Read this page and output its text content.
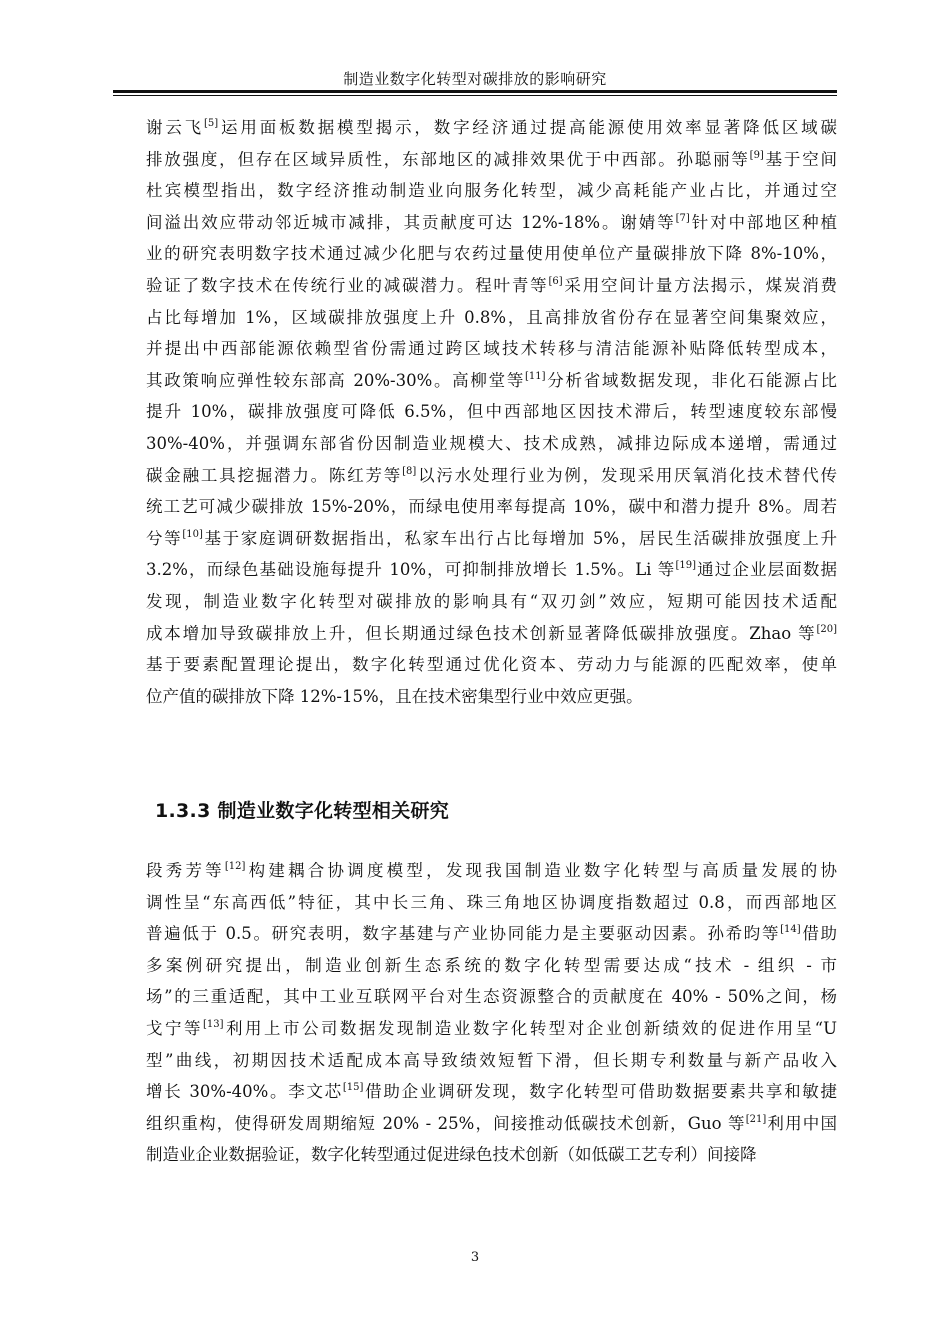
制造业数字化转型对碳排放的影响研究

谢云飞[5]运用面板数据模型揭示，数字经济通过提高能源使用效率显著降低区域碳
排放强度，但存在区域异质性，东部地区的减排效果优于中西部。孙聪丽等[9]基于空间
杜宾模型指出，数字经济推动制造业向服务化转型，减少高耗能产业占比，并通过空
间溢出效应带动邻近城市减排，其贡献度可达 12%-18%。谢婧等[7]针对中部地区种植
业的研究表明数字技术通过减少化肥与农药过量使用使单位产量碳排放下降 8%-10%，
验证了数字技术在传统行业的减碳潜力。程叶青等[6]采用空间计量方法揭示，煤炭消费
占比每增加 1%，区域碳排放强度上升 0.8%，且高排放省份存在显著空间集聚效应，
并提出中西部能源依赖型省份需通过跨区域技术转移与清洁能源补贴降低转型成本，
其政策响应弹性较东部高 20%-30%。高柳堂等[11]分析省域数据发现，非化石能源占比
提升 10%，碳排放强度可降低 6.5%，但中西部地区因技术滞后，转型速度较东部慢
30%-40%，并强调东部省份因制造业规模大、技术成熟，减排边际成本递增，需通过
碳金融工具挖掘潜力。陈红芳等[8]以污水处理行业为例，发现采用厌氧消化技术替代传
统工艺可减少碳排放 15%-20%，而绿电使用率每提高 10%，碳中和潜力提升 8%。周若
兮等[10]基于家庭调研数据指出，私家车出行占比每增加 5%，居民生活碳排放强度上升
3.2%，而绿色基础设施每提升 10%，可抑制排放增长 1.5%。Li 等[19]通过企业层面数据
发现，制造业数字化转型对碳排放的影响具有“双刃剑”效应，短期可能因技术适配
成本增加导致碳排放上升，但长期通过绿色技术创新显著降低碳排放强度。Zhao 等[20]
基于要素配置理论提出，数字化转型通过优化资本、劳动力与能源的匹配效率，使单
位产值的碳排放下降 12%-15%，且在技术密集型行业中效应更强。

1.3.3 制造业数字化转型相关研究

段秀芳等[12]构建耦合协调度模型，发现我国制造业数字化转型与高质量发展的协
调性呈“东高西低”特征，其中长三角、珠三角地区协调度指数超过 0.8，而西部地区
普遍低于 0.5。研究表明，数字基建与产业协同能力是主要驱动因素。孙希昀等[14]借助
多案例研究提出，制造业创新生态系统的数字化转型需要达成“技术 - 组织 - 市
场”的三重适配，其中工业互联网平台对生态资源整合的贡献度在 40% - 50%之间，杨
戈宁等[13]利用上市公司数据发现制造业数字化转型对企业创新绩效的促进作用呈“U
型”曲线，初期因技术适配成本高导致绩效短暂下滑，但长期专利数量与新产品收入
增长 30%-40%。李文芯[15]借助企业调研发现，数字化转型可借助数据要素共享和敏捷
组织重构，使得研发周期缩短 20% - 25%，间接推动低碳技术创新，Guo 等[21]利用中国
制造业企业数据验证，数字化转型通过促进绿色技术创新（如低碳工艺专利）间接降

3
